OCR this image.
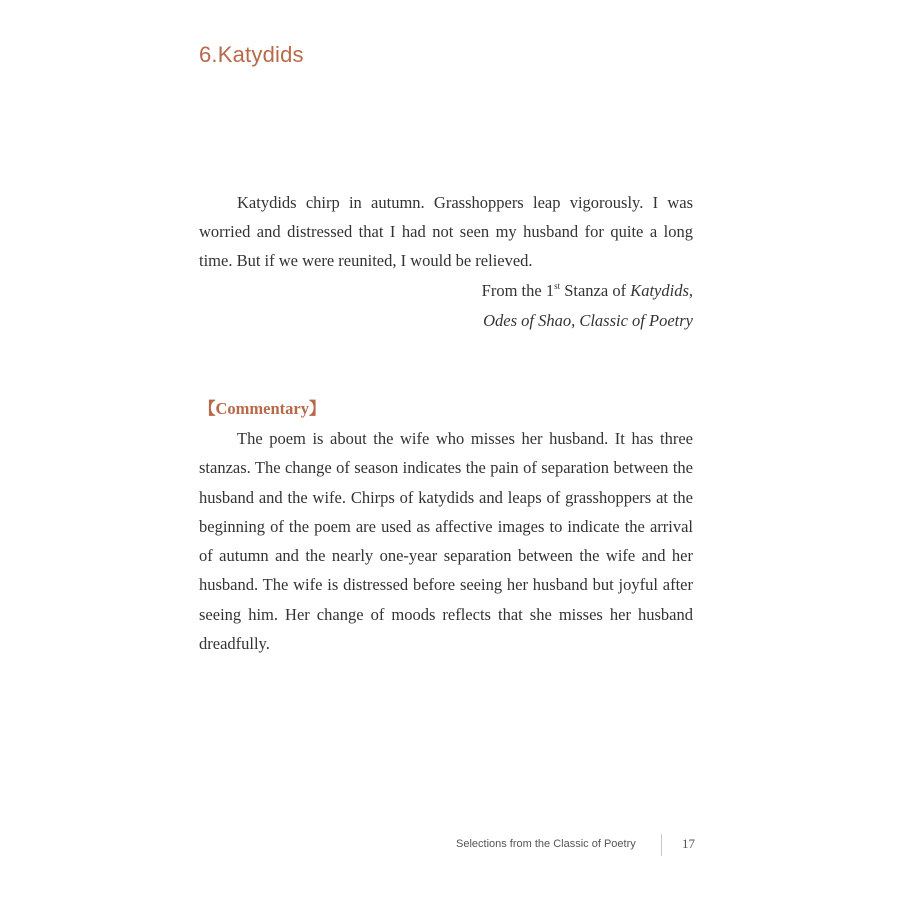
6.Katydids

Katydids chirp in autumn. Grasshoppers leap vigorously. I was worried and distressed that I had not seen my husband for quite a long time. But if we were reunited, I would be relieved.

From the 1st Stanza of Katydids,
Odes of Shao, Classic of Poetry
【Commentary】

The poem is about the wife who misses her husband. It has three stanzas. The change of season indicates the pain of separation between the husband and the wife. Chirps of katydids and leaps of grasshoppers at the beginning of the poem are used as affective images to indicate the arrival of autumn and the nearly one-year separation between the wife and her husband. The wife is distressed before seeing her husband but joyful after seeing him. Her change of moods reflects that she misses her husband dreadfully.

Selections from the Classic of Poetry	17
